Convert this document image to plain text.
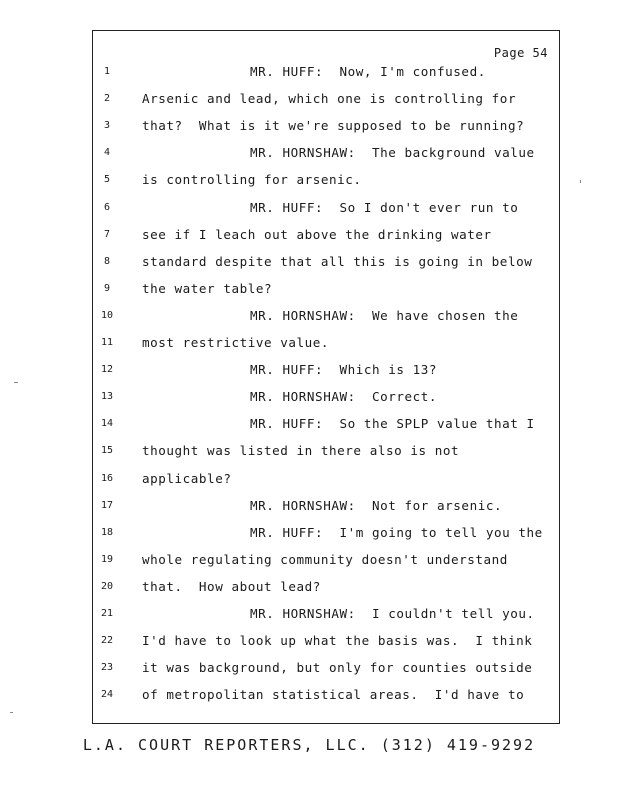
Page 54
1	MR. HUFF:  Now, I'm confused.
2	Arsenic and lead, which one is controlling for
3	that?  What is it we're supposed to be running?
4	MR. HORNSHAW:  The background value
5	is controlling for arsenic.
6	MR. HUFF:  So I don't ever run to
7	see if I leach out above the drinking water
8	standard despite that all this is going in below
9	the water table?
10	MR. HORNSHAW:  We have chosen the
11	most restrictive value.
12	MR. HUFF:  Which is 13?
13	MR. HORNSHAW:  Correct.
14	MR. HUFF:  So the SPLP value that I
15	thought was listed in there also is not
16	applicable?
17	MR. HORNSHAW:  Not for arsenic.
18	MR. HUFF:  I'm going to tell you the
19	whole regulating community doesn't understand
20	that.  How about lead?
21	MR. HORNSHAW:  I couldn't tell you.
22	I'd have to look up what the basis was.  I think
23	it was background, but only for counties outside
24	of metropolitan statistical areas.  I'd have to
L.A. COURT REPORTERS, LLC. (312) 419-9292
